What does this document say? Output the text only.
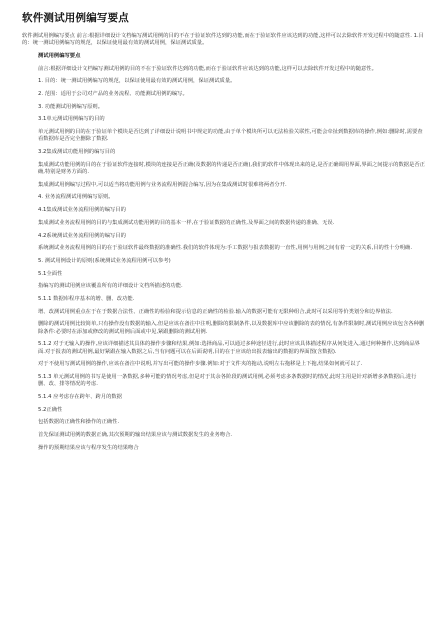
软件测试用例编写要点
软件测试用例编写要点 前言:根据详细设计文档编写测试用例的目的不在于验证软件达到的功能,而在于验证软件应该达到的功能,这样可以去除软件开发过程中的随意性. 1.目的：统一测试用例编写的规范，以保证使用最有效的测试用例，保证测试质量。
测试用例编写要点
前言:根据详细设计文档编写测试用例的目的不在于验证软件达到的功能,而在于验证软件应该达到的功能,这样可以去除软件开发过程中的随意性。
1. 目的：统一测试用例编写的规范，以保证使用最有效的测试用例，保证测试质量。
2. 范围：适用于公司对产品的业务流程、功能测试用例的编写。
3. 功能测试用例编写原则。
3.1单元测试用例编写的目的
单元测试用例的目的在于验证单个模块是否达到了详细设计说明书中规定的功能,由于单个模块所可以无法检验关联性,可能会牵扯到数据库的操作,例如:删除时,需要查看数据库是否完全删除了数据.
3.2集成测试功能用例的编写目的
集成测试功能用例的目的在于验证软件连接时,模块的连接是否正确(及数据的传递是否正确),我们的软件中体现出来的是,是否正确调用界面,界面之间提示的数据是否正确,特别是财务方面的.
集成测试用例编写过程中,可以适当将功能用例与业务流程用例混合编写,因为在集成测试时很难将两者分开.
4. 业务流程测试用例编写原则。
4.1集成测试业务流程用例的编写目的
集成测试业务流程用例的目的与集成测试功能用例的目的基本一样,在于验证数据的正确性,及界面之间的数据传递的准确、无误.
4.2系统测试业务流程用例的编写目的
系统测试业务流程用例的目的在于验证软件最终数据的准确性.我们的软件体现为:手工数据与报表数据的一直性,用例与用例之间有着一定的关系,目的性十分明确.
5. 测试用例设计的原则(系统测试业务流程用例可以参考)
5.1全面性
指编写的测试用例应该覆盖所有的详细设计文档所描述的功能.
5.1.1 数据库程序基本的增、删、改功能.
增、改测试用例重点在于在于数据合法性、正确性的检验和提示信息的正确性的检验.输入的数据可能有无限种组合,此时可以采用等价类划分和边界值法.
删除的测试用例比较简单,只有操作没有数据的输入,但是应该在备注中注明,删除的限制条件,以及数据库中应该删除的表的情况,有条件限制时,测试用例应该包含各种删除条件:必要时在添加或修改的测试用例后面或中见,紧跟删除的测试用例.
5.1.2 对于无输入的操作,应该详细描述其具体的操作步骤和结果,例如:选择商品,可以通过多种途径进行,此时应该具体描述程序从何处进入,通过何种操作,达到商品界面.对于报表的测试用例,最好紧跟在输入数据之后,当有问题可以在后面说明,目的在于应该给出报表输出的数据的界面图(含数据).
对于不使用写测试用例的操作,应该在备注中说明,并写出可能的操作步骤.例如:对于文件夹的拖动,说明左右拖移是上下拖,结果如何就可以了.
5.1.3 单元测试用例的书写是使用一条数据,多种可能的情况考虑,但是对于其余各阶段的测试用例,必须考虑多条数据时的情况,此时主用是针对新增多条数据后,进行删、改、排等情况的考虑.
5.1.4 应考虑存在跨年、跨月的数据
5.2正确性
包括数据的正确性和操作的正确性.
首先保证测试用例的数据正确,其次预期的输出结果应该与测试数据发生的业务吻合.
操作的预期结果应该与程序发生的结果吻合
